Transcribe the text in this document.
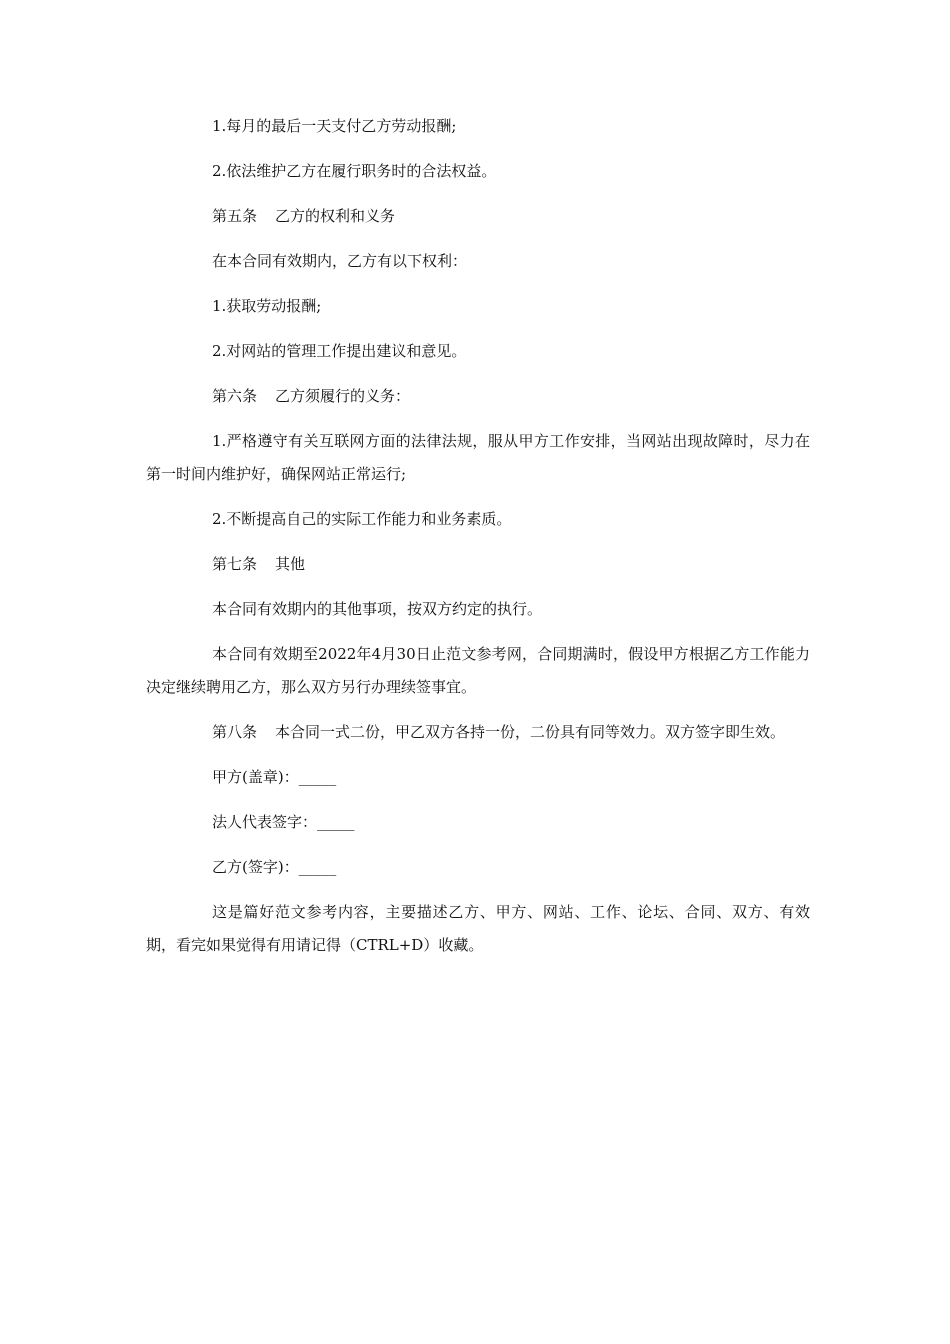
1.每月的最后一天支付乙方劳动报酬;

2.依法维护乙方在履行职务时的合法权益。

第五条 乙方的权利和义务

在本合同有效期内，乙方有以下权利：

1.获取劳动报酬;

2.对网站的管理工作提出建议和意见。

第六条 乙方须履行的义务：

1.严格遵守有关互联网方面的法律法规，服从甲方工作安排，当网站出现故障时，尽力在第一时间内维护好，确保网站正常运行;

2.不断提高自己的实际工作能力和业务素质。

第七条 其他

本合同有效期内的其他事项，按双方约定的执行。

本合同有效期至2022年4月30日止范文参考网，合同期满时，假设甲方根据乙方工作能力决定继续聘用乙方，那么双方另行办理续签事宜。

第八条 本合同一式二份，甲乙双方各持一份，二份具有同等效力。双方签字即生效。

甲方(盖章)：_____

法人代表签字：_____

乙方(签字)：_____

这是篇好范文参考内容，主要描述乙方、甲方、网站、工作、论坛、合同、双方、有效期，看完如果觉得有用请记得（CTRL+D）收藏。
